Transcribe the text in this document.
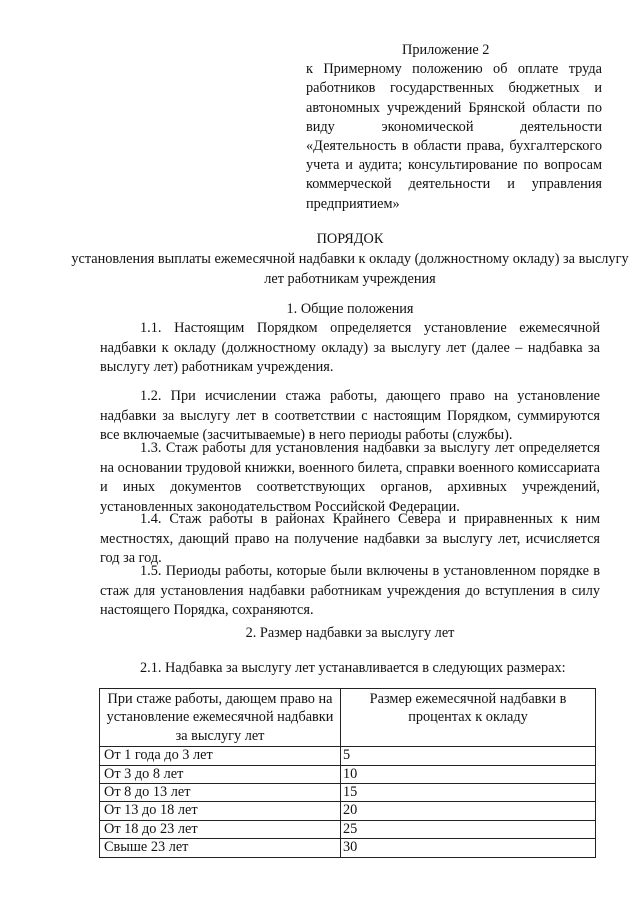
Приложение 2
к Примерному положению об оплате труда работников государственных бюджетных и автономных учреждений Брянской области по виду экономической деятельности «Деятельность в области права, бухгалтерского учета и аудита; консультирование по вопросам коммерческой деятельности и управления предприятием»
ПОРЯДОК
установления выплаты ежемесячной надбавки к окладу (должностному окладу) за выслугу лет работникам учреждения
1. Общие положения
1.1. Настоящим Порядком определяется установление ежемесячной надбавки к окладу (должностному окладу) за выслугу лет (далее – надбавка за выслугу лет) работникам учреждения.
1.2. При исчислении стажа работы, дающего право на установление надбавки за выслугу лет в соответствии с настоящим Порядком, суммируются все включаемые (засчитываемые) в него периоды работы (службы).
1.3. Стаж работы для установления надбавки за выслугу лет определяется на основании трудовой книжки, военного билета, справки военного комиссариата и иных документов соответствующих органов, архивных учреждений, установленных законодательством Российской Федерации.
1.4. Стаж работы в районах Крайнего Севера и приравненных к ним местностях, дающий право на получение надбавки за выслугу лет, исчисляется год за год.
1.5. Периоды работы, которые были включены в установленном порядке в стаж для установления надбавки работникам учреждения до вступления в силу настоящего Порядка, сохраняются.
2. Размер надбавки за выслугу лет
2.1. Надбавка за выслугу лет устанавливается в следующих размерах:
При стаже работы, дающем право на установление ежемесячной надбавки за выслугу лет	Размер ежемесячной надбавки в процентах к окладу
От 1 года до 3 лет	5
От 3 до 8 лет	10
От 8 до 13 лет	15
От 13 до 18 лет	20
От 18 до 23 лет	25
Свыше 23 лет	30
